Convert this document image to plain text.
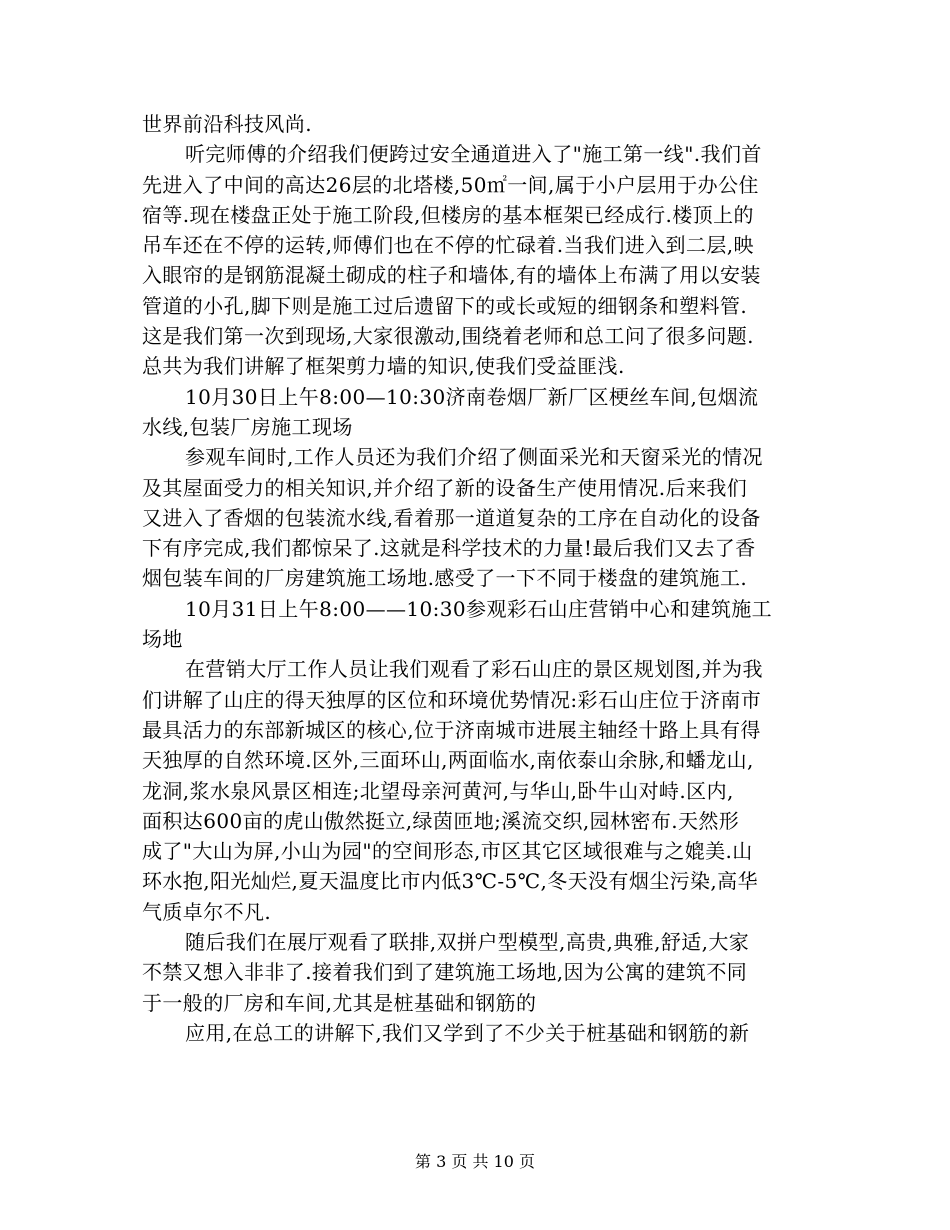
世界前沿科技风尚.
听完师傅的介绍我们便跨过安全通道进入了"施工第一线".我们首
先进入了中间的高达26层的北塔楼,50㎡一间,属于小户层用于办公住
宿等.现在楼盘正处于施工阶段,但楼房的基本框架已经成行.楼顶上的
吊车还在不停的运转,师傅们也在不停的忙碌着.当我们进入到二层,映
入眼帘的是钢筋混凝土砌成的柱子和墙体,有的墙体上布满了用以安装
管道的小孔,脚下则是施工过后遗留下的或长或短的细钢条和塑料管.
这是我们第一次到现场,大家很激动,围绕着老师和总工问了很多问题.
总共为我们讲解了框架剪力墙的知识,使我们受益匪浅.
10月30日上午8:00—10:30济南卷烟厂新厂区梗丝车间,包烟流
水线,包装厂房施工现场
参观车间时,工作人员还为我们介绍了侧面采光和天窗采光的情况
及其屋面受力的相关知识,并介绍了新的设备生产使用情况.后来我们
又进入了香烟的包装流水线,看着那一道道复杂的工序在自动化的设备
下有序完成,我们都惊呆了.这就是科学技术的力量!最后我们又去了香
烟包装车间的厂房建筑施工场地.感受了一下不同于楼盘的建筑施工.
10月31日上午8:00——10:30参观彩石山庄营销中心和建筑施工
场地
在营销大厅工作人员让我们观看了彩石山庄的景区规划图,并为我
们讲解了山庄的得天独厚的区位和环境优势情况:彩石山庄位于济南市
最具活力的东部新城区的核心,位于济南城市进展主轴经十路上具有得
天独厚的自然环境.区外,三面环山,两面临水,南依泰山余脉,和蟠龙山,
龙洞,浆水泉风景区相连;北望母亲河黄河,与华山,卧牛山对峙.区内,
面积达600亩的虎山傲然挺立,绿茵匝地;溪流交织,园林密布.天然形
成了"大山为屏,小山为园"的空间形态,市区其它区域很难与之媲美.山
环水抱,阳光灿烂,夏天温度比市内低3℃-5℃,冬天没有烟尘污染,高华
气质卓尔不凡.
随后我们在展厅观看了联排,双拼户型模型,高贵,典雅,舒适,大家
不禁又想入非非了.接着我们到了建筑施工场地,因为公寓的建筑不同
于一般的厂房和车间,尤其是桩基础和钢筋的
应用,在总工的讲解下,我们又学到了不少关于桩基础和钢筋的新
第 3 页 共 10 页
